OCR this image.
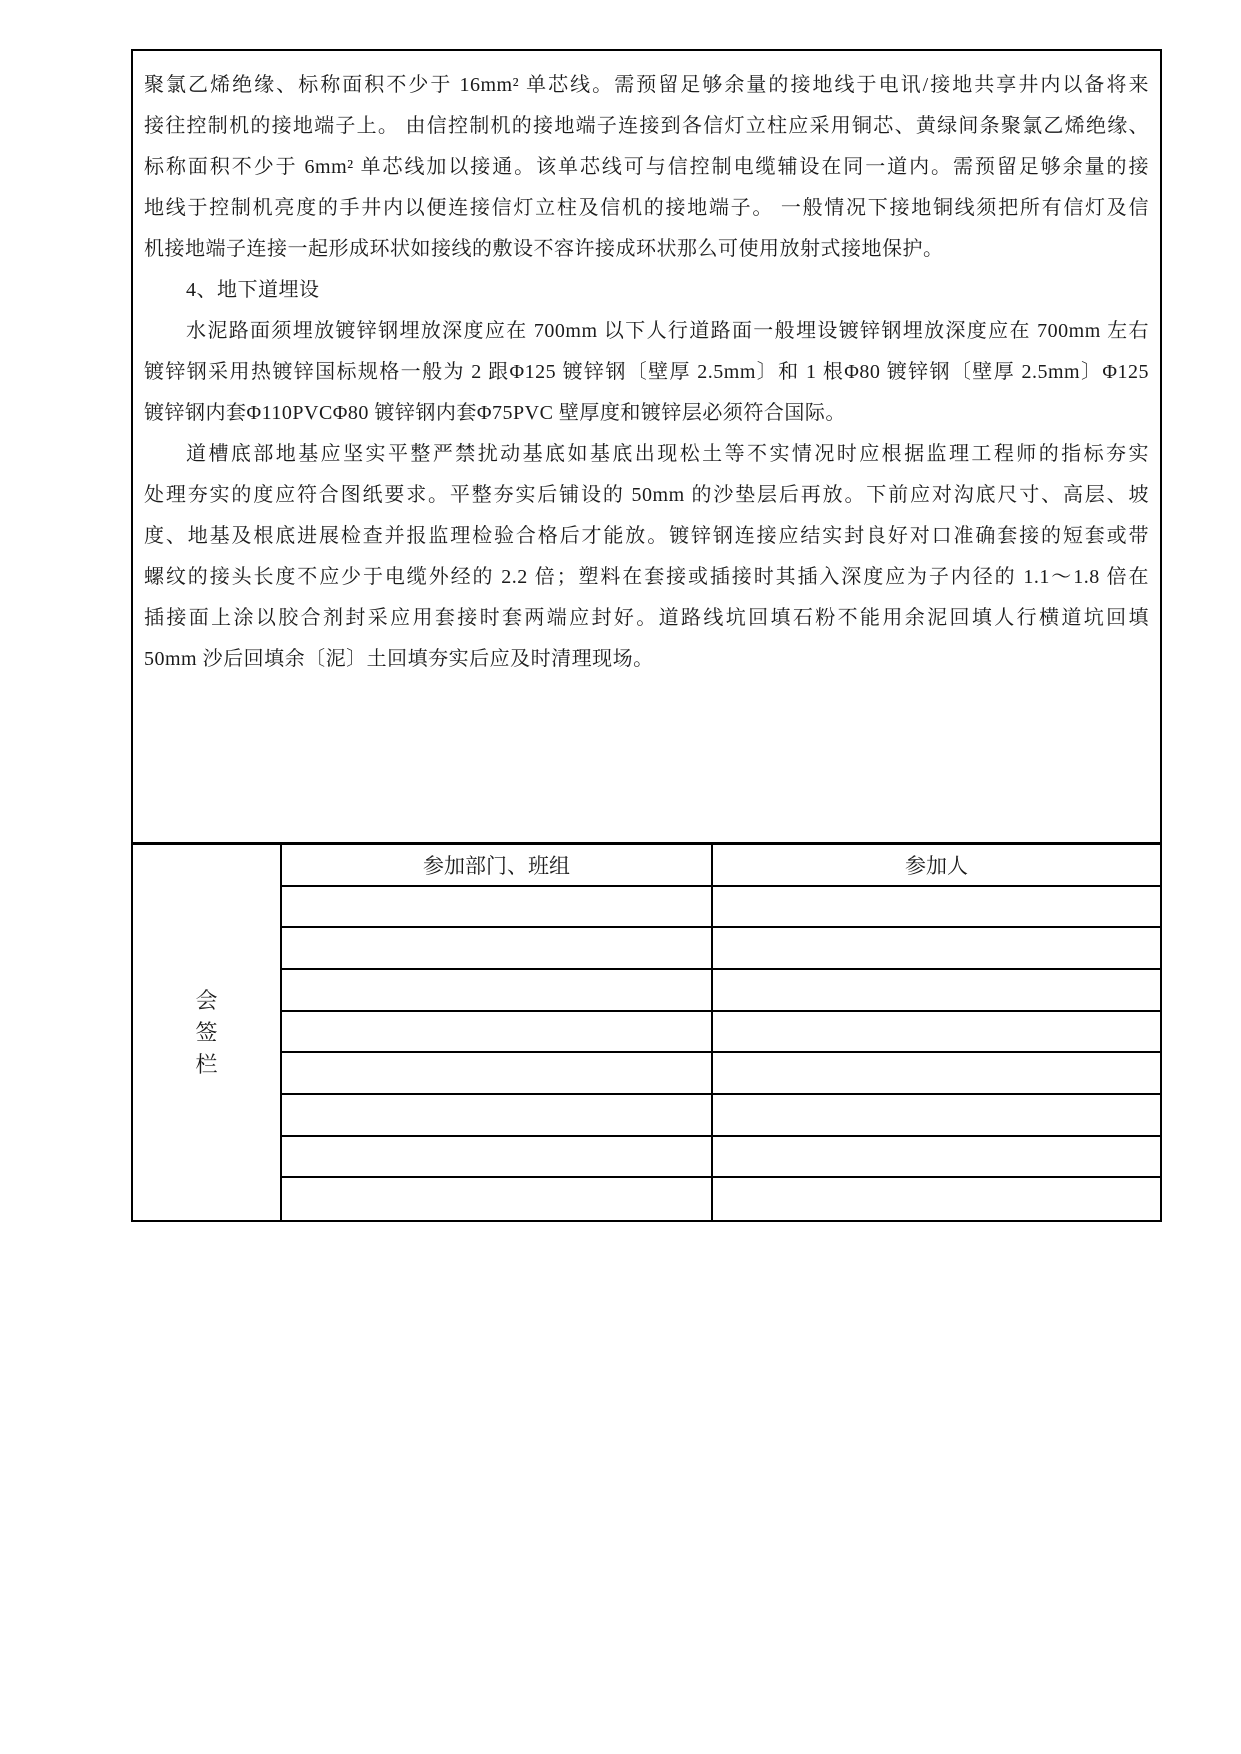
聚氯乙烯绝缘、标称面积不少于 16mm² 单芯线。需预留足够余量的接地线于电讯/接地共享井内以备将来
接往控制机的接地端子上。 由信控制机的接地端子连接到各信灯立柱应采用铜芯、黄绿间条聚氯乙烯绝缘、
标称面积不少于 6mm² 单芯线加以接通。该单芯线可与信控制电缆辅设在同一道内。需预留足够余量的接
地线于控制机亮度的手井内以便连接信灯立柱及信机的接地端子。 一般情况下接地铜线须把所有信灯及信
机接地端子连接一起形成环状如接线的敷设不容许接成环状那么可使用放射式接地保护。
4、地下道埋设
水泥路面须埋放镀锌钢埋放深度应在 700mm 以下人行道路面一般埋设镀锌钢埋放深度应在 700mm 左右
镀锌钢采用热镀锌国标规格一般为 2 跟Φ125 镀锌钢〔壁厚 2.5mm〕和 1 根Φ80 镀锌钢〔壁厚 2.5mm〕Φ125
镀锌钢内套Φ110PVCΦ80 镀锌钢内套Φ75PVC 壁厚度和镀锌层必须符合国际。
道槽底部地基应坚实平整严禁扰动基底如基底出现松土等不实情况时应根据监理工程师的指标夯实
处理夯实的度应符合图纸要求。平整夯实后铺设的 50mm 的沙垫层后再放。下前应对沟底尺寸、高层、坡
度、地基及根底进展检查并报监理检验合格后才能放。镀锌钢连接应结实封良好对口准确套接的短套或带
螺纹的接头长度不应少于电缆外经的 2.2 倍；塑料在套接或插接时其插入深度应为子内径的 1.1～1.8 倍在
插接面上涂以胶合剂封采应用套接时套两端应封好。道路线坑回填石粉不能用余泥回填人行横道坑回填
50mm 沙后回填余〔泥〕土回填夯实后应及时清理现场。
会签栏
参加部门、班组	参加人
